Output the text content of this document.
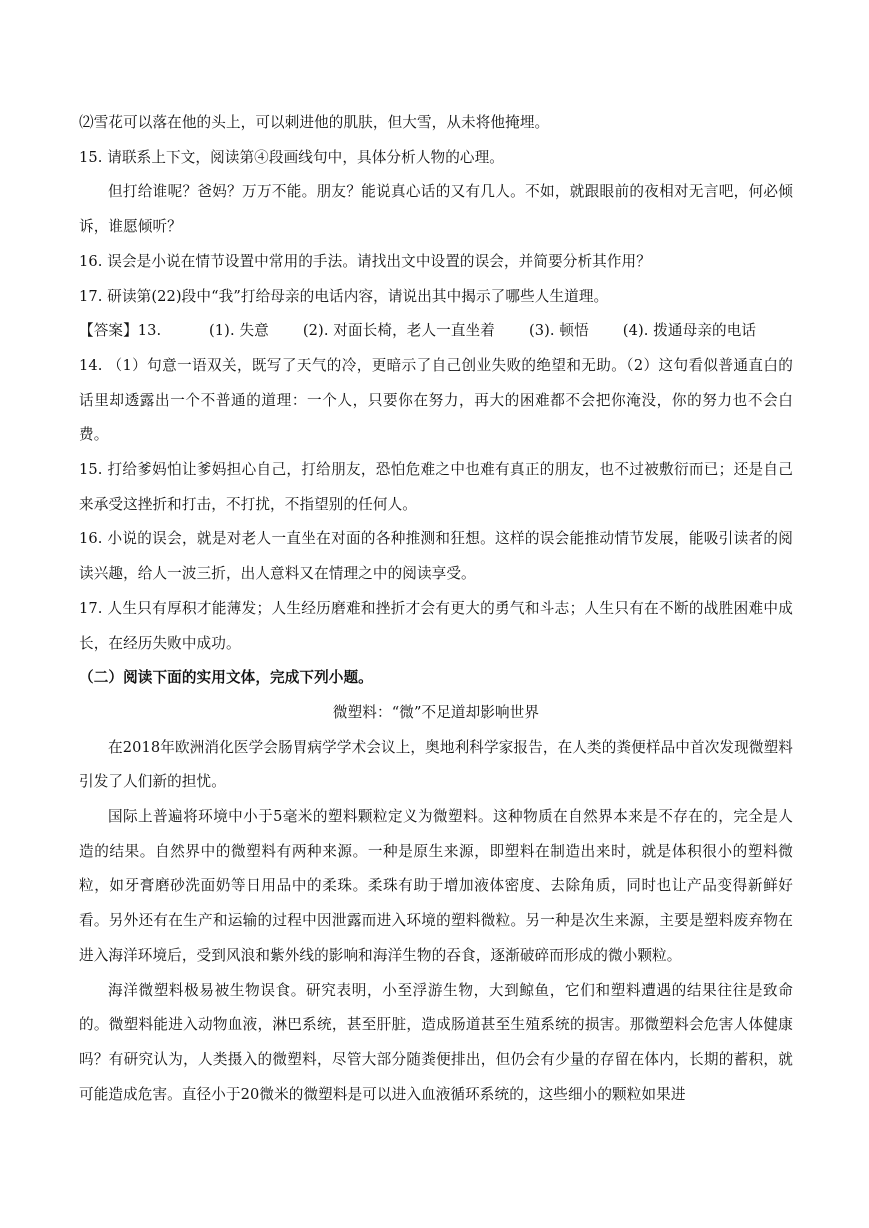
⑵雪花可以落在他的头上，可以刺进他的肌肤，但大雪，从未将他掩埋。

15. 请联系上下文，阅读第④段画线句中，具体分析人物的心理。

但打给谁呢？爸妈？万万不能。朋友？能说真心话的又有几人。不如，就跟眼前的夜相对无言吧，何必倾诉，谁愿倾听？

16. 误会是小说在情节设置中常用的手法。请找出文中设置的误会，并简要分析其作用？

17. 研读第(22)段中“我”打给母亲的电话内容，请说出其中揭示了哪些人生道理。

【答案】13.	(1). 失意 (2). 对面长椅，老人一直坐着 (3). 顿悟 (4). 拨通母亲的电话

14. （1）句意一语双关，既写了天气的冷，更暗示了自己创业失败的绝望和无助。（2）这句看似普通直白的话里却透露出一个不普通的道理：一个人，只要你在努力，再大的困难都不会把你淹没，你的努力也不会白费。

15. 打给爹妈怕让爹妈担心自己，打给朋友，恐怕危难之中也难有真正的朋友，也不过被敷衍而已；还是自己来承受这挫折和打击，不打扰，不指望别的任何人。

16. 小说的误会，就是对老人一直坐在对面的各种推测和狂想。这样的误会能推动情节发展，能吸引读者的阅读兴趣，给人一波三折，出人意料又在情理之中的阅读享受。

17. 人生只有厚积才能薄发；人生经历磨难和挫折才会有更大的勇气和斗志；人生只有在不断的战胜困难中成长，在经历失败中成功。

（二）阅读下面的实用文体，完成下列小题。

微塑料：“微”不足道却影响世界

在2018年欧洲消化医学会肠胃病学学术会议上，奥地利科学家报告，在人类的粪便样品中首次发现微塑料引发了人们新的担忧。

国际上普遍将环境中小于5毫米的塑料颗粒定义为微塑料。这种物质在自然界本来是不存在的，完全是人造的结果。自然界中的微塑料有两种来源。一种是原生来源，即塑料在制造出来时，就是体积很小的塑料微粒，如牙膏磨砂洗面奶等日用品中的柔珠。柔珠有助于增加液体密度、去除角质，同时也让产品变得新鲜好看。另外还有在生产和运输的过程中因泄露而进入环境的塑料微粒。另一种是次生来源，主要是塑料废弃物在进入海洋环境后，受到风浪和紫外线的影响和海洋生物的吞食，逐渐破碎而形成的微小颗粒。

海洋微塑料极易被生物误食。研究表明，小至浮游生物，大到鲸鱼，它们和塑料遭遇的结果往往是致命的。微塑料能进入动物血液，淋巴系统，甚至肝脏，造成肠道甚至生殖系统的损害。那微塑料会危害人体健康吗？有研究认为，人类摄入的微塑料，尽管大部分随粪便排出，但仍会有少量的存留在体内，长期的蓄积，就可能造成危害。直径小于20微米的微塑料是可以进入血液循环系统的，这些细小的颗粒如果进
